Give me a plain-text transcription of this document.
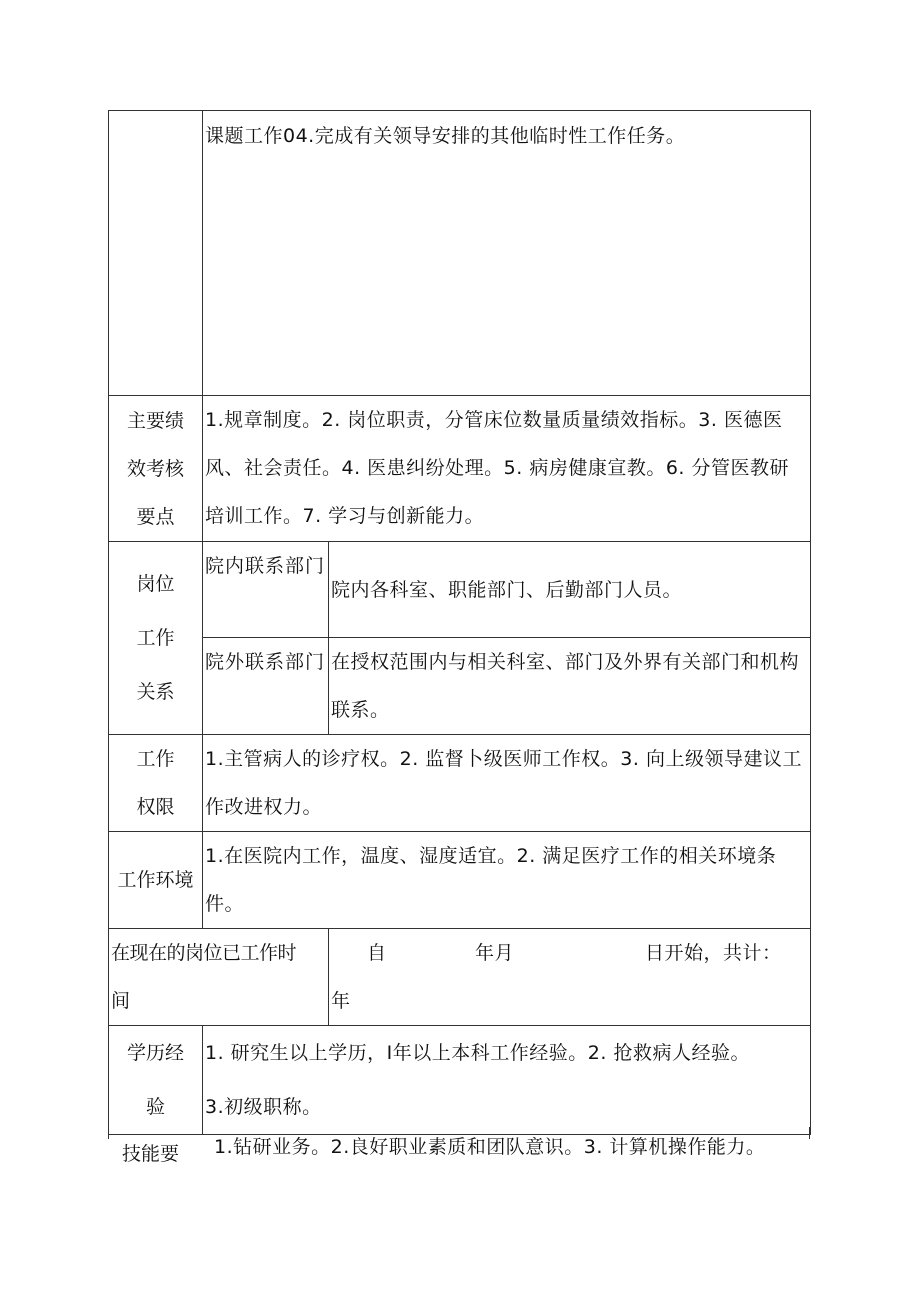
	课题工作04.完成有关领导安排的其他临时性工作任务。	

主要绩效考核要点	1.规章制度。2. 岗位职责，分管床位数量质量绩效指标。3. 医德医风、社会责任。4. 医患纠纷处理。5. 病房健康宣教。6. 分管医教研培训工作。7. 学习与创新能力。	

岗位工作关系	院内联系部门	院内各科室、职能部门、后勤部门人员。
	院外联系部门	在授权范围内与相关科室、部门及外界有关部门和机构联系。

工作权限	1.主管病人的诊疗权。2. 监督卜级医师工作权。3. 向上级领导建议工作改进权力。	

工作环境	1.在医院内工作，温度、湿度适宜。2. 满足医疗工作的相关环境条件。	

在现在的岗位已工作时间		自 年月 日开始，共计：
年

学历经验	1. 研究生以上学历，I年以上本科工作经验。2. 抢救病人经验。
3.初级职称。	
技能要 1.钻研业务。2.良好职业素质和团队意识。3. 计算机操作能力。
